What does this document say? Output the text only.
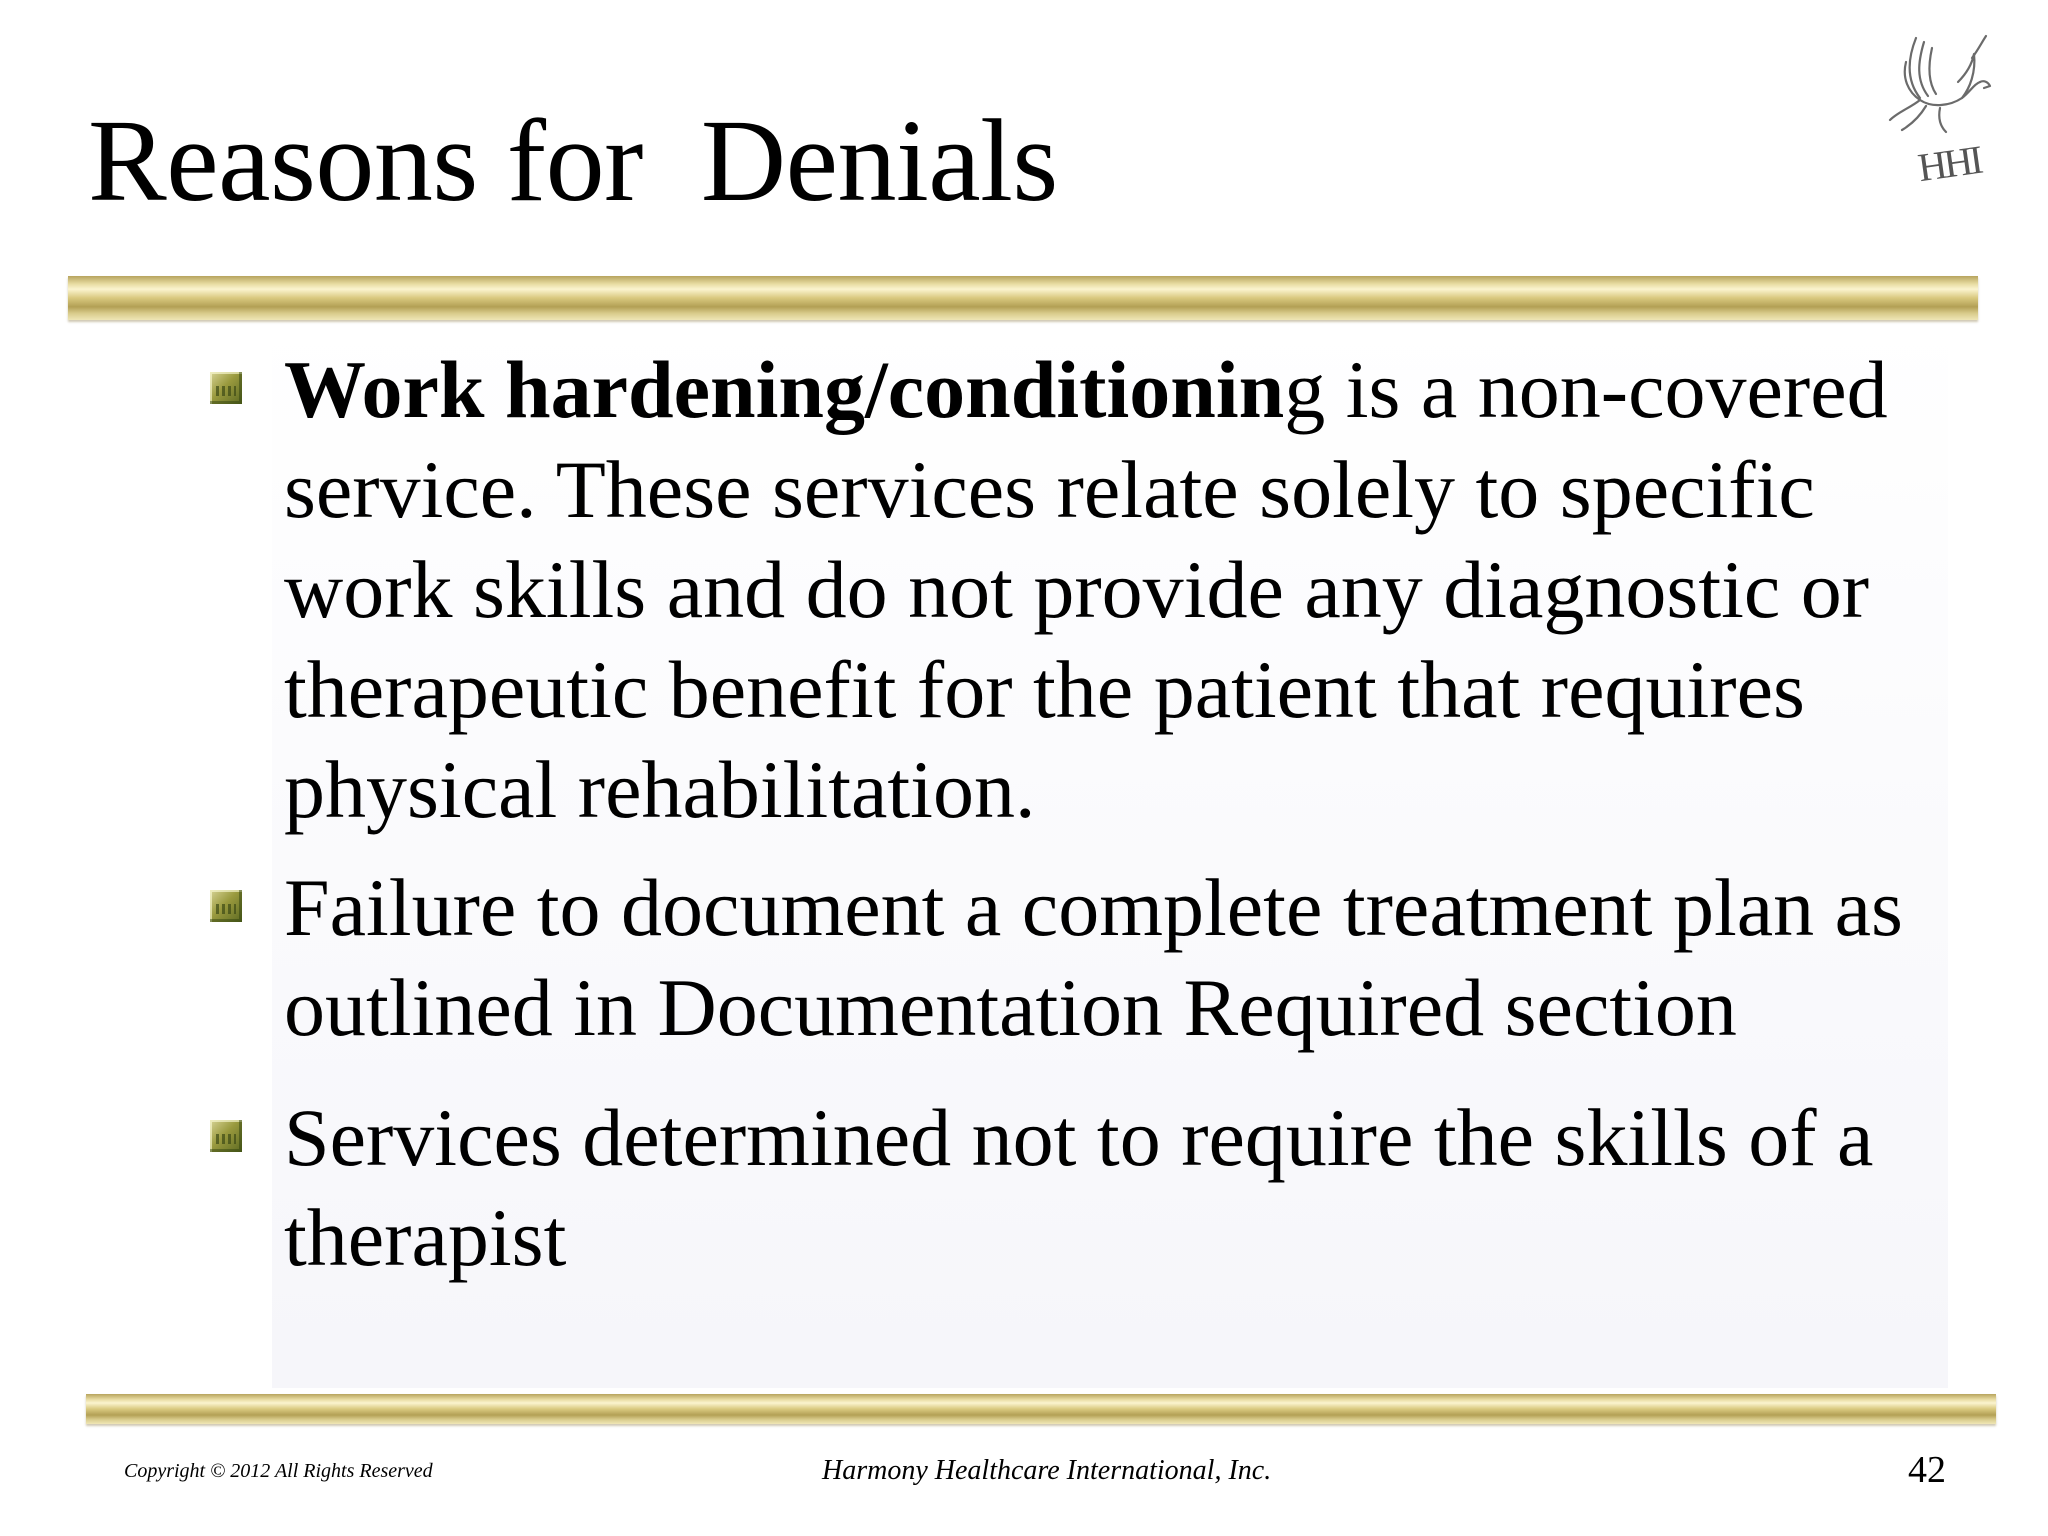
Reasons for  Denials	HHI
Work hardening/conditioning is a non-covered service. These services relate solely to specific work skills and do not provide any diagnostic or therapeutic benefit for the patient that requires physical rehabilitation.
Failure to document a complete treatment plan as outlined in Documentation Required section
Services determined not to require the skills of a therapist
Copyright © 2012 All Rights Reserved	Harmony Healthcare International, Inc.	42
